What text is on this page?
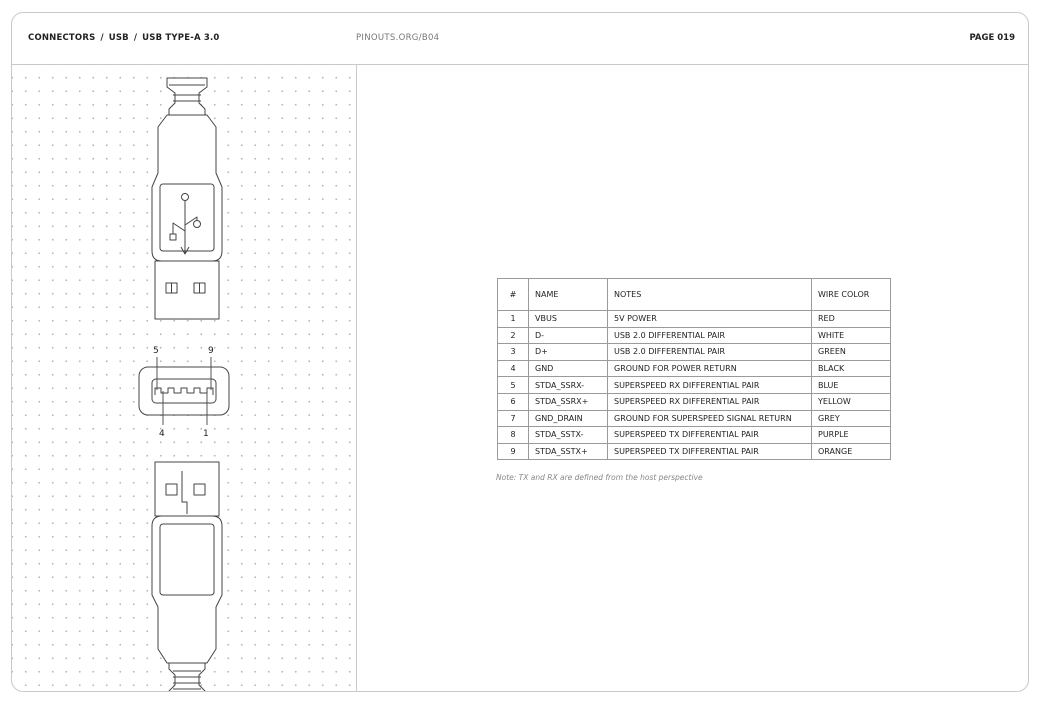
CONNECTORS / USB / USB TYPE-A 3.0	PINOUTS.ORG/B04	PAGE 019
5	9
4	1
#	NAME	NOTES	WIRE COLOR
1	VBUS	5V POWER	RED
2	D-	USB 2.0 DIFFERENTIAL PAIR	WHITE
3	D+	USB 2.0 DIFFERENTIAL PAIR	GREEN
4	GND	GROUND FOR POWER RETURN	BLACK
5	STDA_SSRX-	SUPERSPEED RX DIFFERENTIAL PAIR	BLUE
6	STDA_SSRX+	SUPERSPEED RX DIFFERENTIAL PAIR	YELLOW
7	GND_DRAIN	GROUND FOR SUPERSPEED SIGNAL RETURN	GREY
8	STDA_SSTX-	SUPERSPEED TX DIFFERENTIAL PAIR	PURPLE
9	STDA_SSTX+	SUPERSPEED TX DIFFERENTIAL PAIR	ORANGE
Note: TX and RX are defined from the host perspective
